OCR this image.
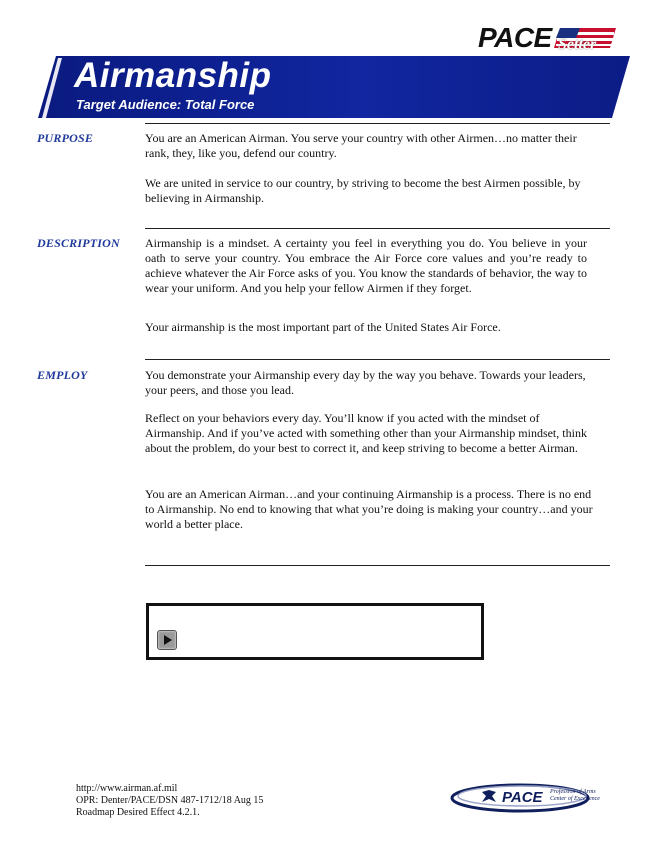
PACE Setter
Airmanship
Target Audience: Total Force
PURPOSE	You are an American Airman. You serve your country with other Airmen…no matter their rank, they, like you, defend our country.

We are united in service to our country, by striving to become the best Airmen possible, by believing in Airmanship.

DESCRIPTION Airmanship is a mindset. A certainty you feel in everything you do. You believe in your oath to serve your country. You embrace the Air Force core values and you’re ready to achieve whatever the Air Force asks of you. You know the standards of behavior, the way to wear your uniform. And you help your fellow Airmen if they forget.

Your airmanship is the most important part of the United States Air Force.

EMPLOY	You demonstrate your Airmanship every day by the way you behave. Towards your leaders, your peers, and those you lead.

Reflect on your behaviors every day. You’ll know if you acted with the mindset of Airmanship. And if you’ve acted with something other than your Airmanship mindset, think about the problem, do your best to correct it, and keep striving to become a better Airman.

You are an American Airman…and your continuing Airmanship is a process. There is no end to Airmanship. No end to knowing that what you’re doing is making your country…and your world a better place.

http://www.airman.af.mil
OPR: Denter/PACE/DSN 487-1712/18 Aug 15
Roadmap Desired Effect 4.2.1.
PACE Profession of Arms
Center of Excellence
